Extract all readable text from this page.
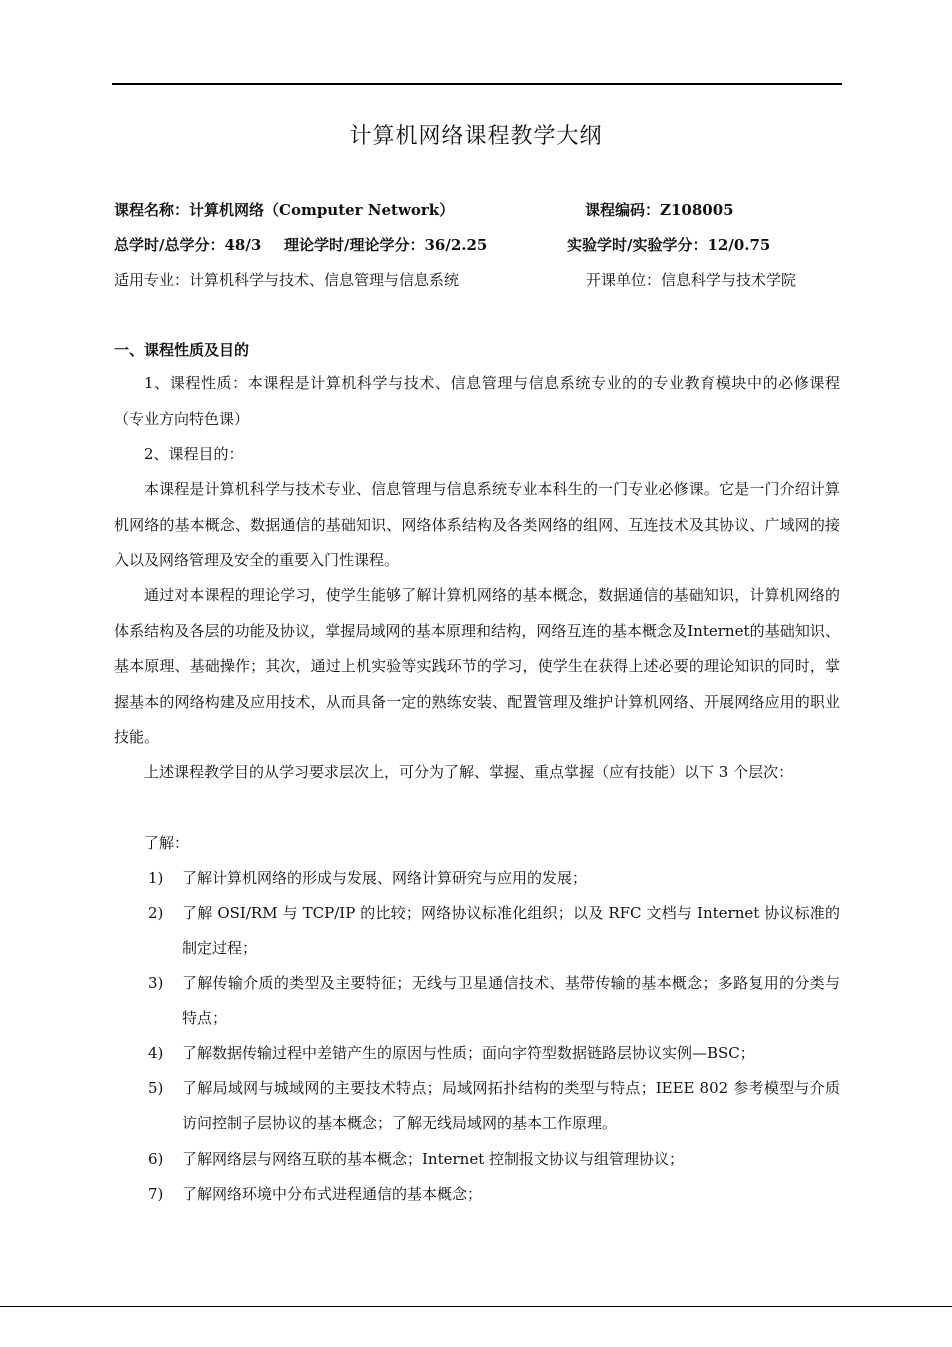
计算机网络课程教学大纲
课程名称：计算机网络（Computer Network）	课程编码：Z108005
总学时/总学分：48/3 理论学时/理论学分：36/2.25	实验学时/实验学分：12/0.75
适用专业：计算机科学与技术、信息管理与信息系统	开课单位：信息科学与技术学院
一、课程性质及目的

1、课程性质：本课程是计算机科学与技术、信息管理与信息系统专业的的专业教育模块中的必修课程（专业方向特色课）

2、课程目的：

本课程是计算机科学与技术专业、信息管理与信息系统专业本科生的一门专业必修课。它是一门介绍计算机网络的基本概念、数据通信的基础知识、网络体系结构及各类网络的组网、互连技术及其协议、广域网的接入以及网络管理及安全的重要入门性课程。

通过对本课程的理论学习，使学生能够了解计算机网络的基本概念，数据通信的基础知识，计算机网络的体系结构及各层的功能及协议，掌握局域网的基本原理和结构，网络互连的基本概念及Internet的基础知识、基本原理、基础操作；其次，通过上机实验等实践环节的学习，使学生在获得上述必要的理论知识的同时，掌握基本的网络构建及应用技术，从而具备一定的熟练安装、配置管理及维护计算机网络、开展网络应用的职业技能。

上述课程教学目的从学习要求层次上，可分为了解、掌握、重点掌握（应有技能）以下 3 个层次：

了解：

1) 了解计算机网络的形成与发展、网络计算研究与应用的发展；
2) 了解 OSI/RM 与 TCP/IP 的比较；网络协议标准化组织；以及 RFC 文档与 Internet 协议标准的制定过程；
3) 了解传输介质的类型及主要特征；无线与卫星通信技术、基带传输的基本概念；多路复用的分类与特点；
4) 了解数据传输过程中差错产生的原因与性质；面向字符型数据链路层协议实例—BSC；
5) 了解局域网与城域网的主要技术特点；局域网拓扑结构的类型与特点；IEEE 802 参考模型与介质访问控制子层协议的基本概念；了解无线局域网的基本工作原理。
6) 了解网络层与网络互联的基本概念；Internet 控制报文协议与组管理协议；
7) 了解网络环境中分布式进程通信的基本概念；
